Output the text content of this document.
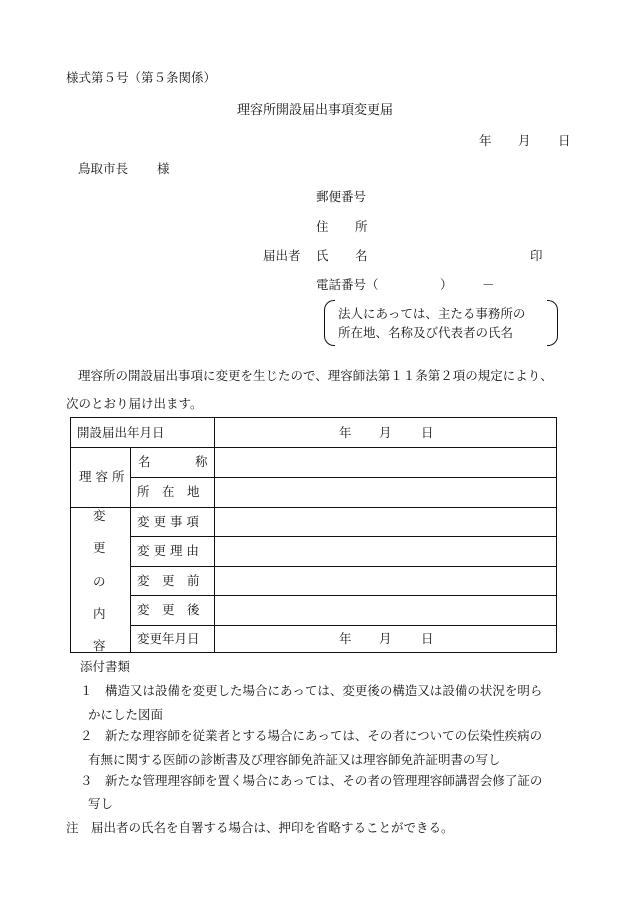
様式第５号（第５条関係）
理容所開設届出事項変更届
年 月 日
鳥取市長 様
郵便番号
住 所
届出者 氏 名	印
電話番号（	） －
法人にあっては、主たる事務所の
所在地、名称及び代表者の氏名
理容所の開設届出事項に変更を生じたので、理容師法第１１条第２項の規定により、
次のとおり届け出ます。
開設届出年月日	年 月 日
理 容 所
名	称
所　在　地
変
更
の
内
容
変 更 事 項
変 更 理 由
変　更　前
変　更　後
変更年月日	年 月 日
添付書類
１　構造又は設備を変更した場合にあっては、変更後の構造又は設備の状況を明ら
かにした図面
２　新たな理容師を従業者とする場合にあっては、その者についての伝染性疾病の
有無に関する医師の診断書及び理容師免許証又は理容師免許証明書の写し
３　新たな管理理容師を置く場合にあっては、その者の管理理容師講習会修了証の
写し
注　届出者の氏名を自署する場合は、押印を省略することができる。
